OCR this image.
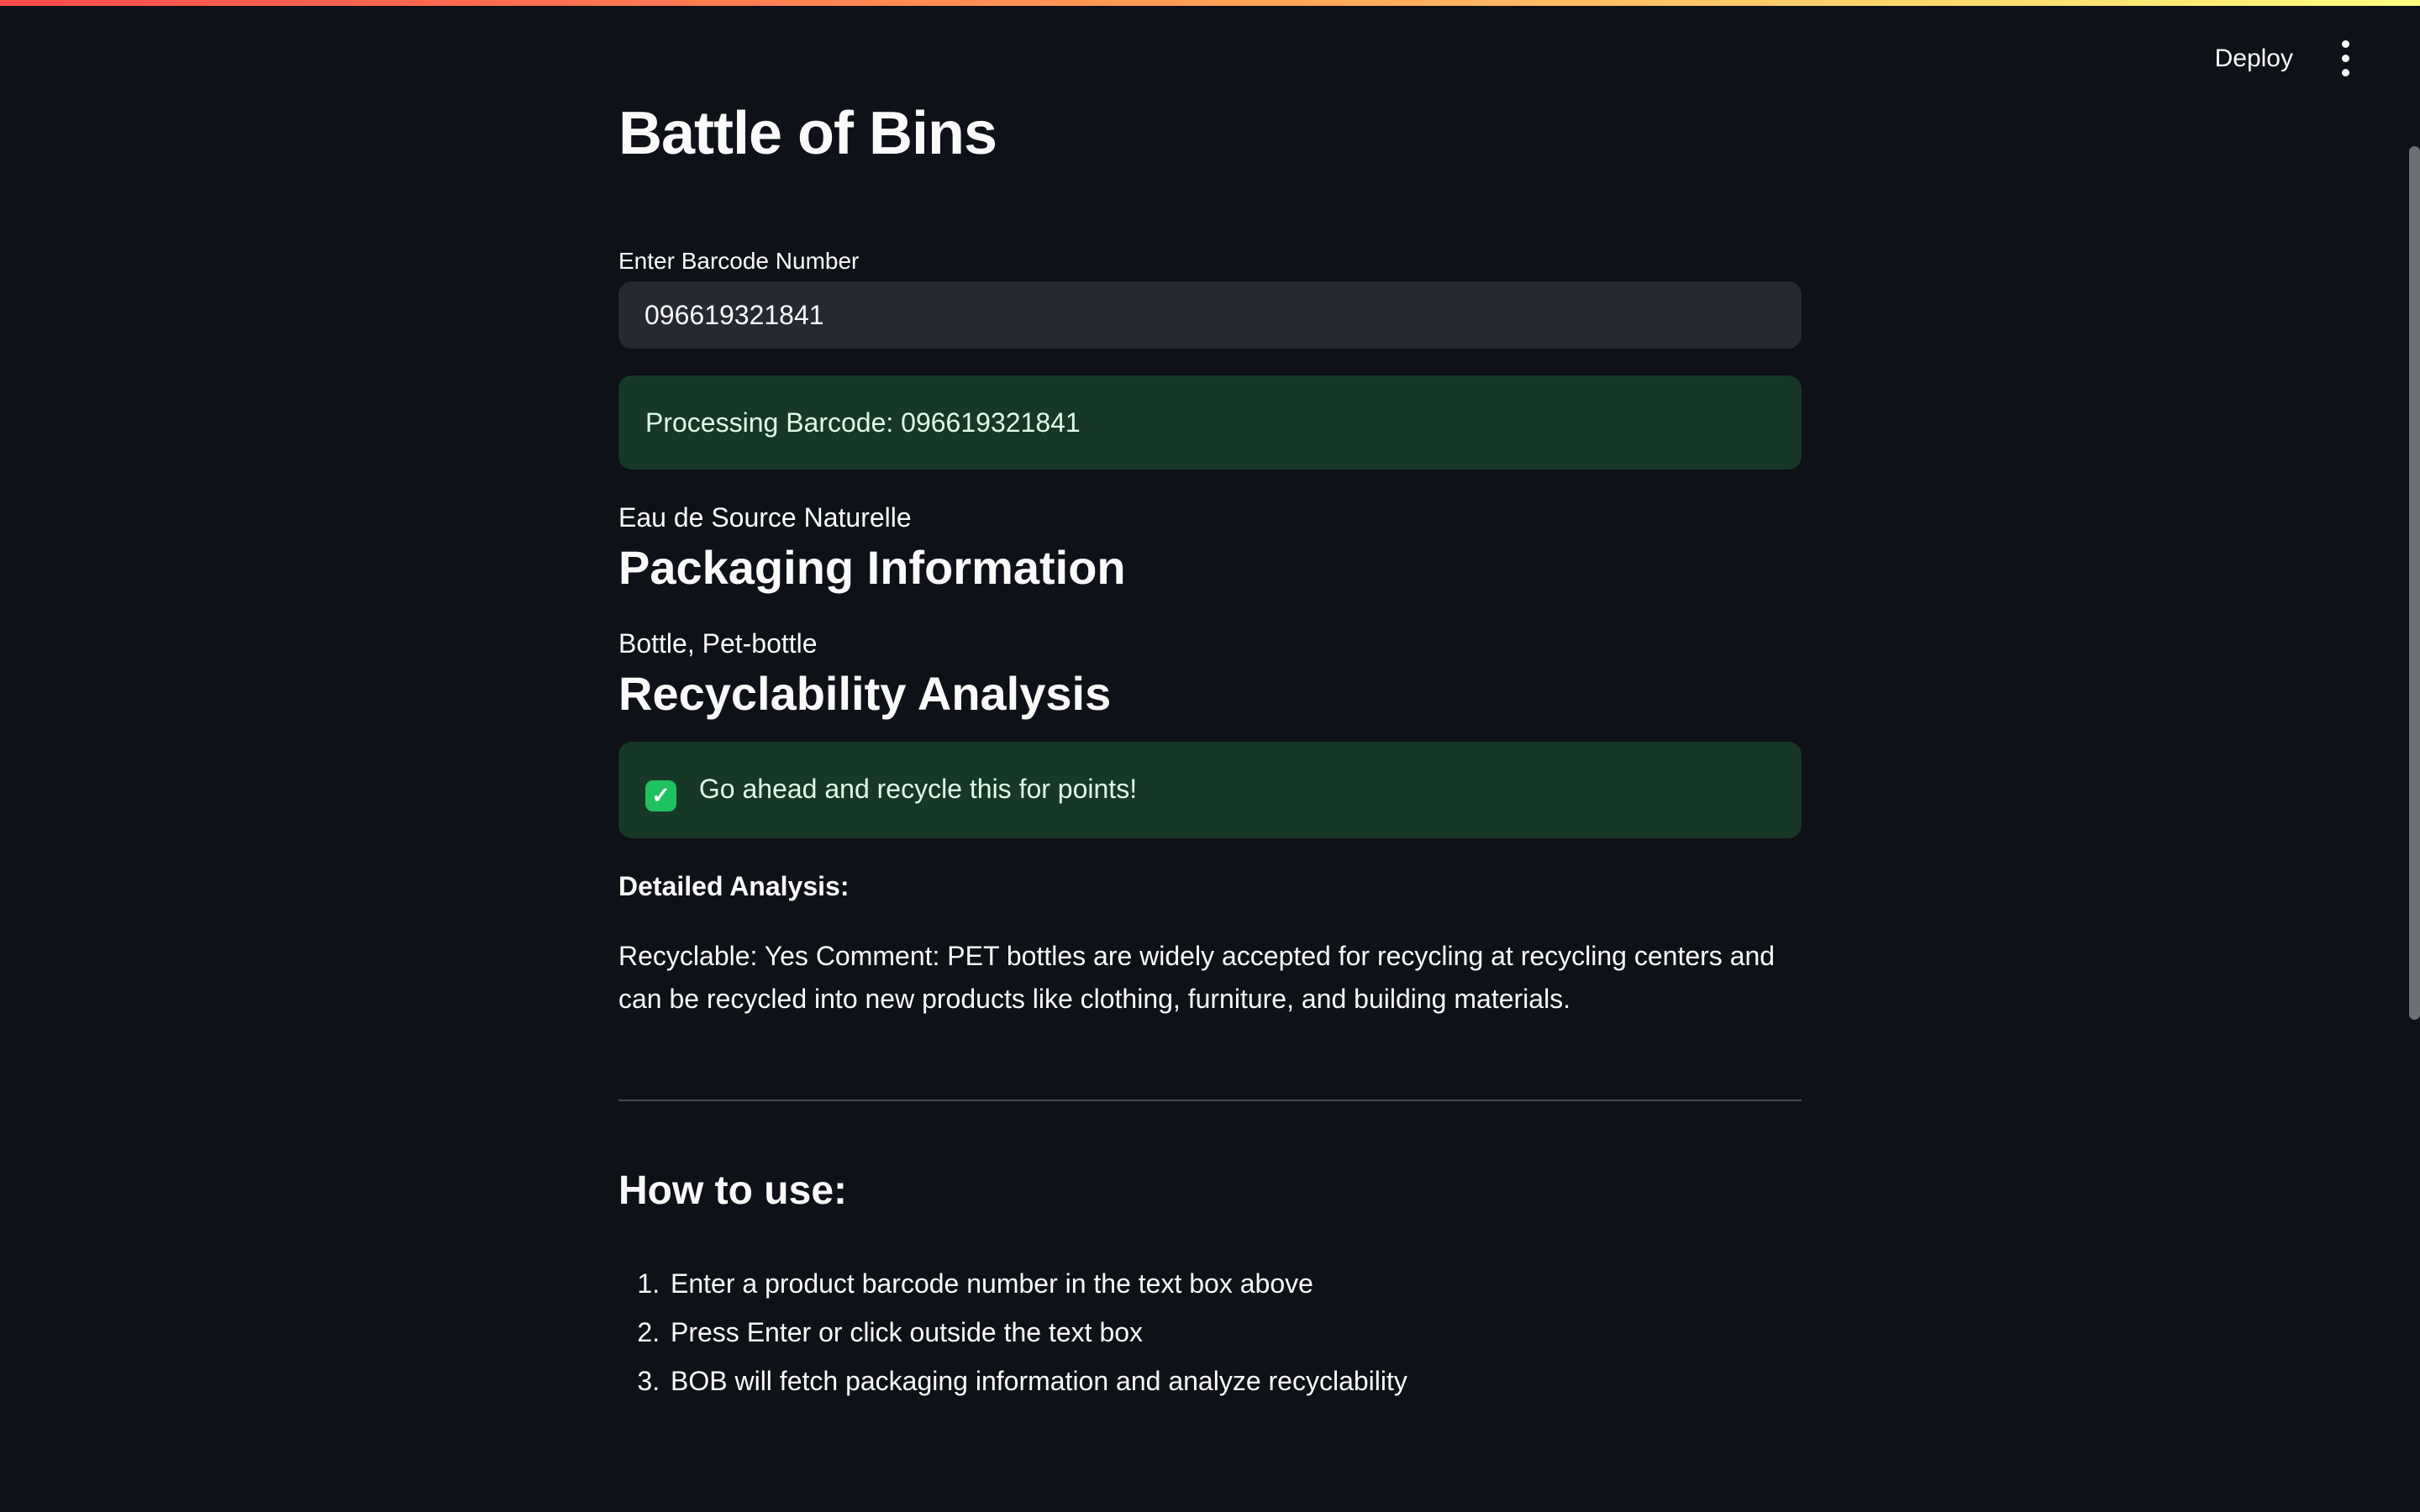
Deploy
Battle of Bins
Enter Barcode Number
096619321841
Processing Barcode: 096619321841

Eau de Source Naturelle

Packaging Information

Bottle, Pet-bottle

Recyclability Analysis
✓ Go ahead and recycle this for points!

Detailed Analysis:

Recyclable: Yes Comment: PET bottles are widely accepted for recycling at recycling centers and can be recycled into new products like clothing, furniture, and building materials.

How to use:
1. Enter a product barcode number in the text box above
2. Press Enter or click outside the text box
3. BOB will fetch packaging information and analyze recyclability
